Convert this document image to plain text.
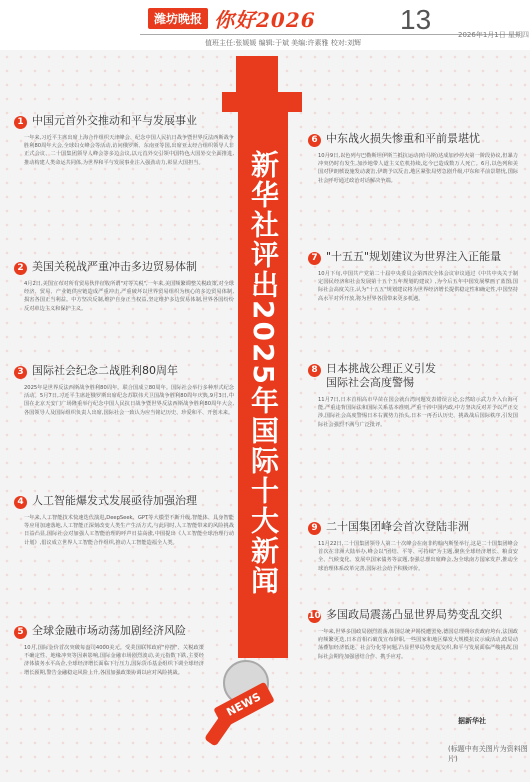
潍坊晚报 你好2026	13	2026年1月1日 星期四
值班主任:张媛媛 编辑:于斌 美编:许素雅 校对:刘辉
新华社评出2025年国际十大新闻
NEWS
1 中国元首外交推动和平与发展事业
一年来,习近平主席出席上海合作组织天津峰会、纪念中国人民抗日战争暨世界反法西斯战争胜利80周年大会,全球妇女峰会等活动,访问俄罗斯、东南亚等国,出席亚太经合组织领导人非正式会议、二十国集团领导人峰会等多边会议,以元首外交引领中国特色大国外交全面推进,推动构建人类命运共同体,为世界和平与发展事业注入强劲动力,彰显大国担当。
2 美国关税战严重冲击多边贸易体制
4月2日,美国宣布对所有贸易伙伴征收所谓"对等关税",一年来,美国频繁调整关税政策,对全球经济、贸易、产业链供应链造成严重冲击,严重破坏以世界贸易组织为核心的多边贸易体制,损害各国正当利益。中方坚决反制,维护自身正当权益,坚定维护多边贸易体制,世界各国纷纷反对单边主义和保护主义。
3 国际社会纪念二战胜利80周年
2025年是世界反法西斯战争胜利80周年。联合国成立80周年。国际社会举行多种形式纪念活动。5月7日,习近平主席赴俄罗斯出席纪念苏联伟大卫国战争胜利80周年庆典,9月3日,中国在北京天安门广场隆重举行纪念中国人民抗日战争暨世界反法西斯战争胜利80周年大会,各国领导人及国际组织负责人出席,国际社会一致认为应当铭记历史、珍爱和平、开创未来。
4 人工智能爆发式发展亟待加强治理
一年来,人工智能技术快速迭代演进,DeepSeek、GPT等大模型不断升级,智能体、具身智能等应用加速落地,人工智能正深刻改变人类生产生活方式,与此同时,人工智能带来的风险挑战日益凸显,国际社会对加强人工智能治理的呼声日益高涨,中国提出《人工智能全球治理行动计划》,倡议成立世界人工智能合作组织,推动人工智能造福全人类。
5 全球金融市场动荡加剧经济风险
10月,国际金价首次突破每盎司4000美元。受美国联邦政府"停摆"、关税政策不确定性、地缘冲突等因素影响,国际金融市场剧烈波动,美元指数下跌,主要经济体债务水平高企,全球经济增长面临下行压力,国际货币基金组织下调全球经济增长预期,警告金融稳定风险上升,各国加强政策协调以应对风险挑战。
6 中东战火损失惨重和平前景堪忧
10月9日,以色列与巴勒斯坦伊斯兰抵抗运动(哈马斯)达成加沙停火第一阶段协议,但暴力冲突仍时有发生,加沙地带人道主义危机持续,迄今已造成数万人死亡。6月,以色列和美国对伊朗核设施发动袭击,伊朗予以反击,地区紧张局势急剧升级,中东和平前景堪忧,国际社会呼吁通过政治对话解决争端。
7 "十五五"规划建议为世界注入正能量
10月下旬,中国共产党第二十届中央委员会第四次全体会议审议通过《中共中央关于制定国民经济和社会发展第十五个五年规划的建议》,为今后五年中国发展擘画了蓝图,国际社会高度关注,认为"十五五"规划建议将为世界经济增长提供稳定性和确定性,中国坚持高水平对外开放,将为世界各国带来更多机遇。
8 日本挑战公理正义引发国际社会高度警惕
11月7日,日本首相高市早苗在国会就台湾问题发表错误言论,公然暗示武力介入台海可能,严重违背国际法和国际关系基本准则,严重干涉中国内政,中方坚决反对并予以严正交涉,国际社会高度警惕日本右翼势力抬头,日本一再否认历史、挑战战后国际秩序,引发国际社会强烈不满与广泛批评。
9 二十国集团峰会首次登陆非洲
11月22日,二十国集团领导人第二十次峰会在南非约翰内斯堡举行,这是二十国集团峰会首次在非洲大陆举办,峰会以"团结、平等、可持续"为主题,聚焦全球经济增长、粮食安全、气候变化、发展中国家债务等议题,李强总理出席峰会,为全球南方国家发声,推动全球治理体系改革完善,国际社会给予积极评价。
10 多国政局震荡凸显世界局势变乱交织
一年来,世界多国政局剧烈震荡,韩国总统尹锡悦遭罢免,德国总理朔尔茨政府垮台,法国政府频繁更迭,日本首相石破茂宣布辞职,一些国家和地区爆发大规模抗议示威活动,政局动荡叠加经济低迷、社会分化等问题,凸显世界局势变乱交织,和平与发展面临严峻挑战,国际社会期待加强团结合作、携手应对。
据新华社
(标题中有关图片为资料图片)
